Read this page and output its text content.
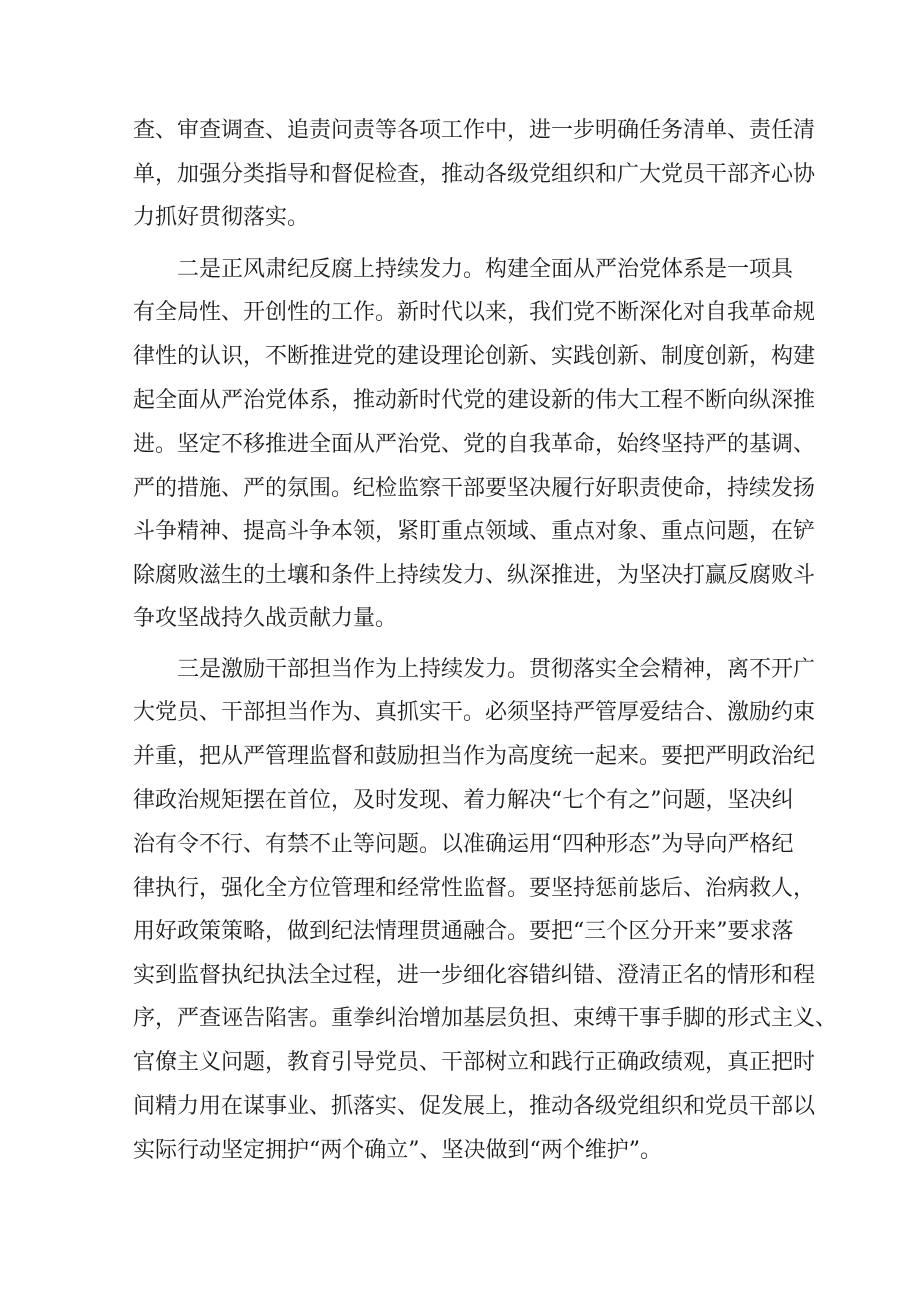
查、审查调查、追责问责等各项工作中，进一步明确任务清单、责任清
单，加强分类指导和督促检查，推动各级党组织和广大党员干部齐心协
力抓好贯彻落实。
二是正风肃纪反腐上持续发力。构建全面从严治党体系是一项具
有全局性、开创性的工作。新时代以来，我们党不断深化对自我革命规
律性的认识，不断推进党的建设理论创新、实践创新、制度创新，构建
起全面从严治党体系，推动新时代党的建设新的伟大工程不断向纵深推
进。坚定不移推进全面从严治党、党的自我革命，始终坚持严的基调、
严的措施、严的氛围。纪检监察干部要坚决履行好职责使命，持续发扬
斗争精神、提高斗争本领，紧盯重点领域、重点对象、重点问题，在铲
除腐败滋生的土壤和条件上持续发力、纵深推进，为坚决打赢反腐败斗
争攻坚战持久战贡献力量。
三是激励干部担当作为上持续发力。贯彻落实全会精神，离不开广
大党员、干部担当作为、真抓实干。必须坚持严管厚爱结合、激励约束
并重，把从严管理监督和鼓励担当作为高度统一起来。要把严明政治纪
律政治规矩摆在首位，及时发现、着力解决“七个有之”问题，坚决纠
治有令不行、有禁不止等问题。以准确运用“四种形态”为导向严格纪
律执行，强化全方位管理和经常性监督。要坚持惩前毖后、治病救人，
用好政策策略，做到纪法情理贯通融合。要把“三个区分开来”要求落
实到监督执纪执法全过程，进一步细化容错纠错、澄清正名的情形和程
序，严查诬告陷害。重拳纠治增加基层负担、束缚干事手脚的形式主义、
官僚主义问题，教育引导党员、干部树立和践行正确政绩观，真正把时
间精力用在谋事业、抓落实、促发展上，推动各级党组织和党员干部以
实际行动坚定拥护“两个确立”、坚决做到“两个维护”。
